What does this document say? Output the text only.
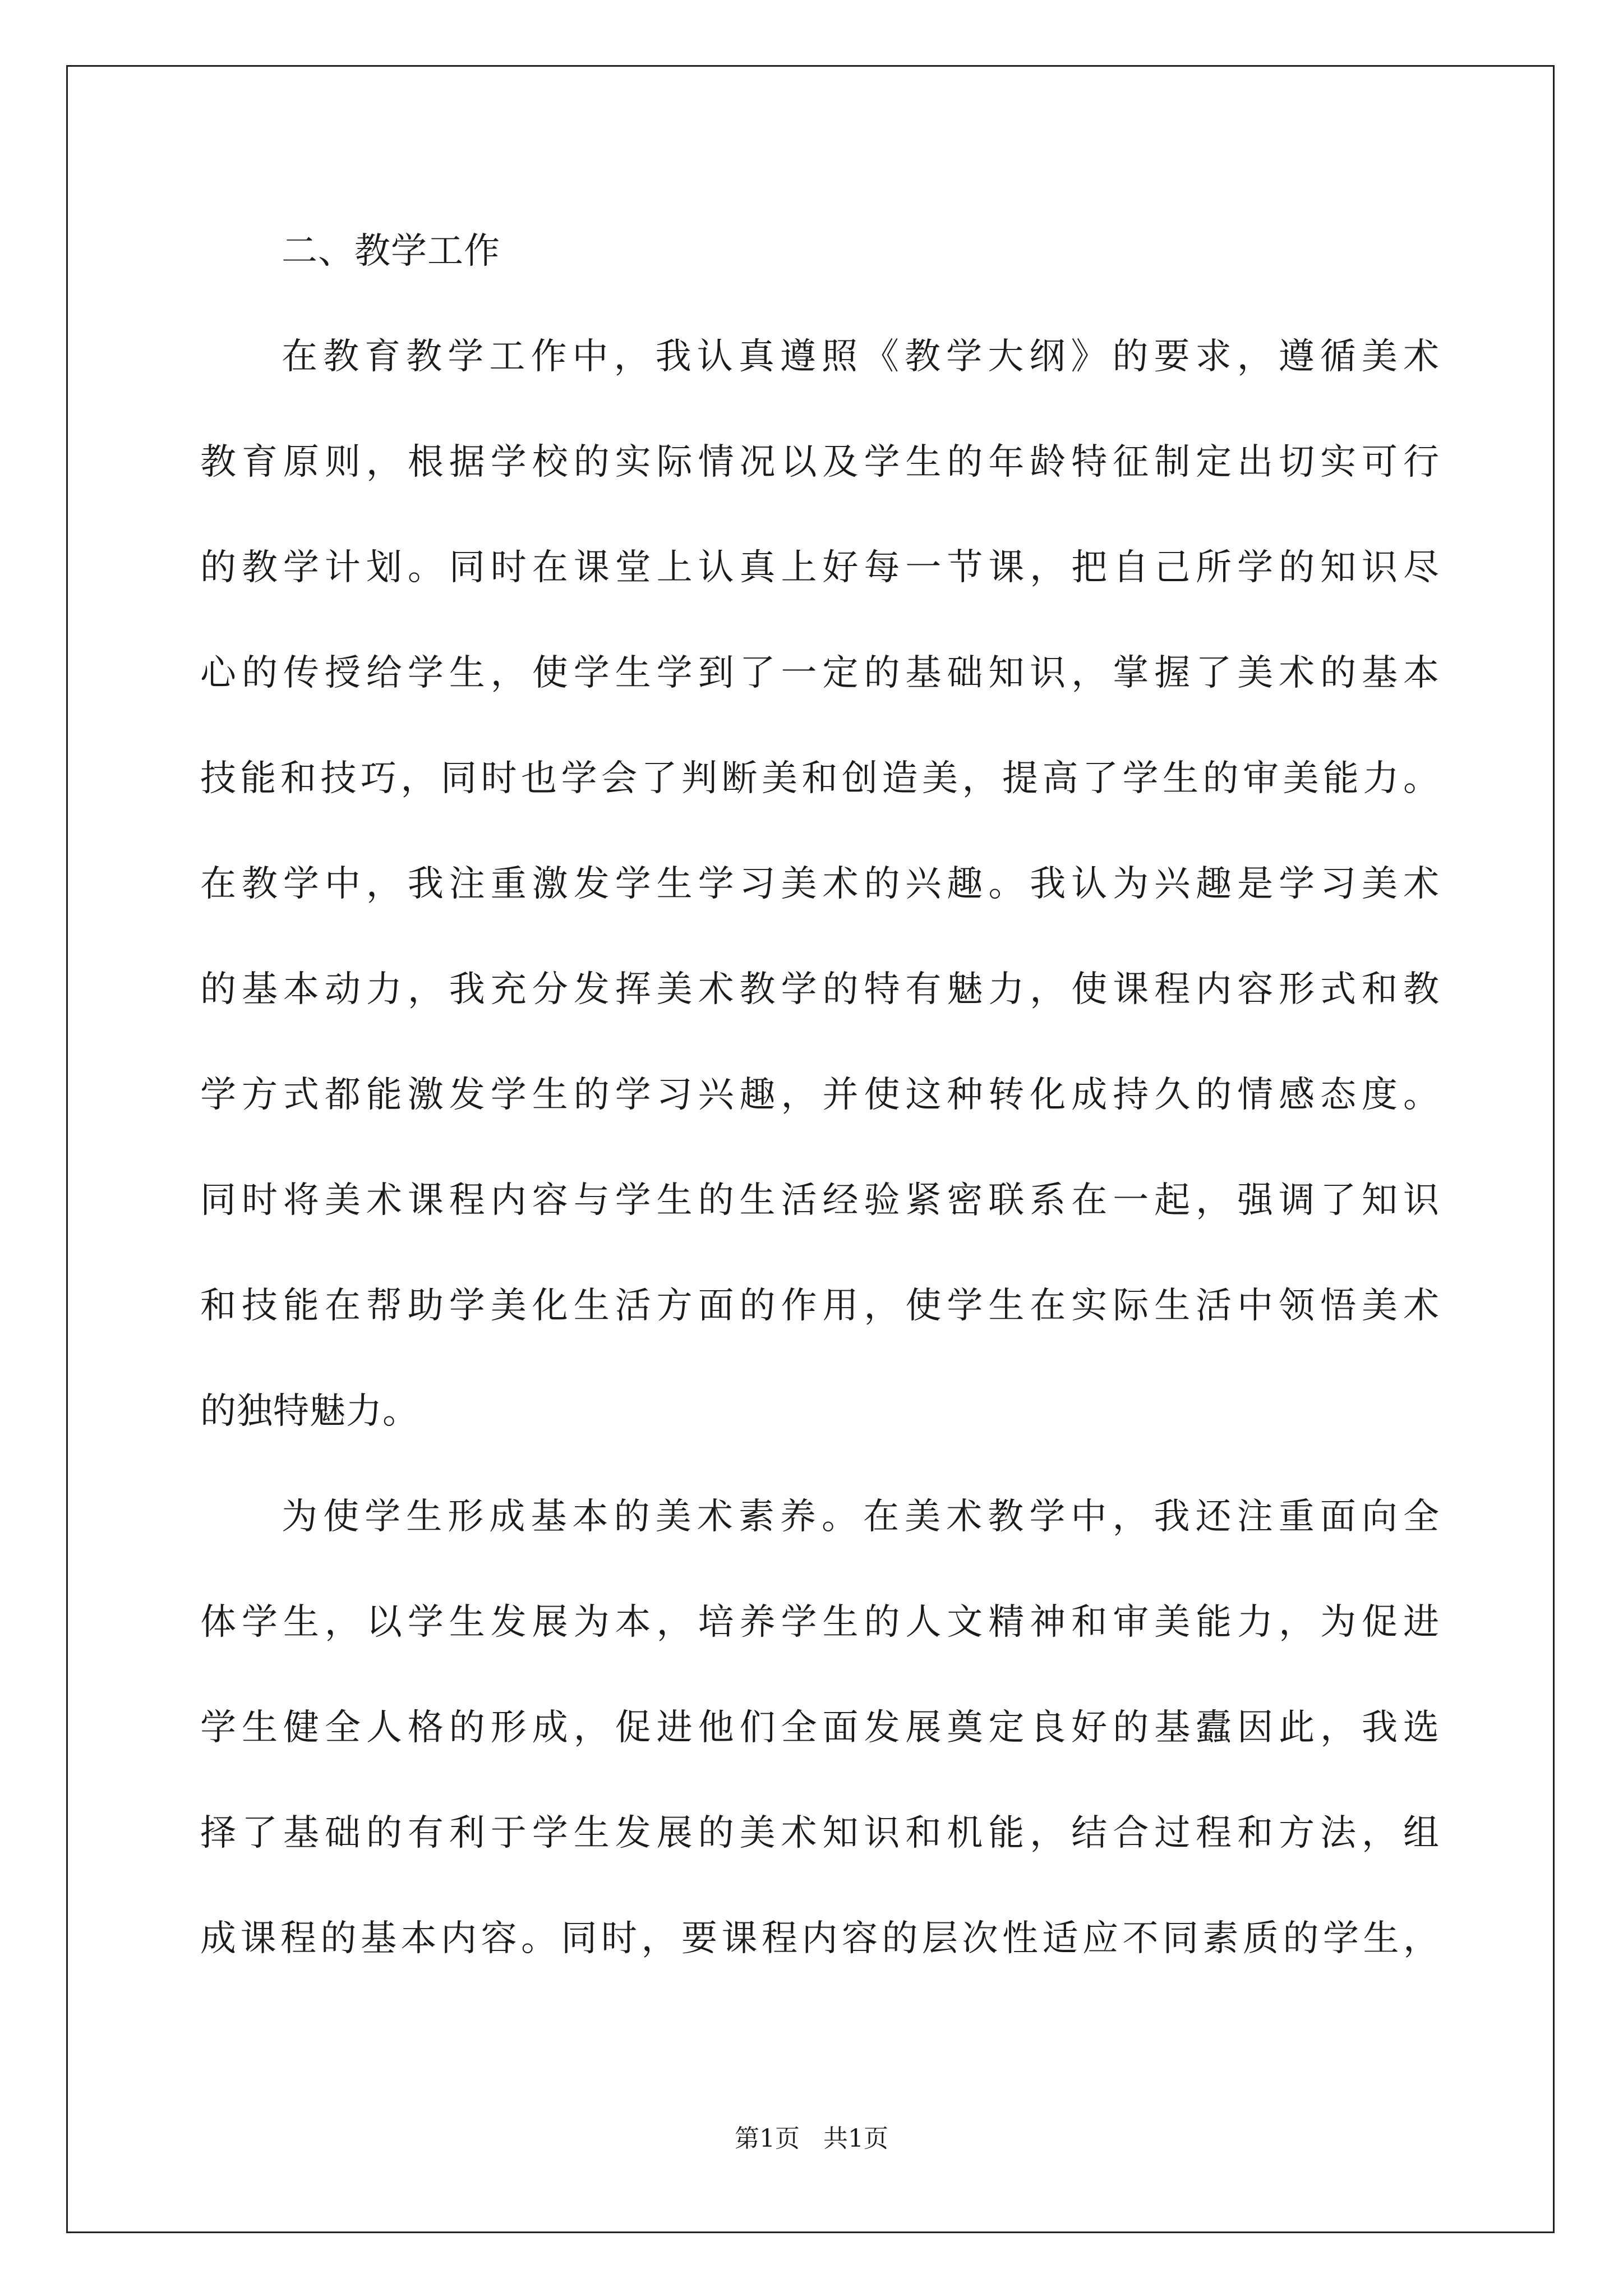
二、教学工作
在教育教学工作中，我认真遵照《教学大纲》的要求，遵循美术
教育原则，根据学校的实际情况以及学生的年龄特征制定出切实可行
的教学计划。同时在课堂上认真上好每一节课，把自己所学的知识尽
心的传授给学生，使学生学到了一定的基础知识，掌握了美术的基本
技能和技巧，同时也学会了判断美和创造美，提高了学生的审美能力。
在教学中，我注重激发学生学习美术的兴趣。我认为兴趣是学习美术
的基本动力，我充分发挥美术教学的特有魅力，使课程内容形式和教
学方式都能激发学生的学习兴趣，并使这种转化成持久的情感态度。
同时将美术课程内容与学生的生活经验紧密联系在一起，强调了知识
和技能在帮助学美化生活方面的作用，使学生在实际生活中领悟美术
的独特魅力。
为使学生形成基本的美术素养。在美术教学中，我还注重面向全
体学生，以学生发展为本，培养学生的人文精神和审美能力，为促进
学生健全人格的形成，促进他们全面发展奠定良好的基蠹因此，我选
择了基础的有利于学生发展的美术知识和机能，结合过程和方法，组
成课程的基本内容。同时，要课程内容的层次性适应不同素质的学生，
第1页   共1页
